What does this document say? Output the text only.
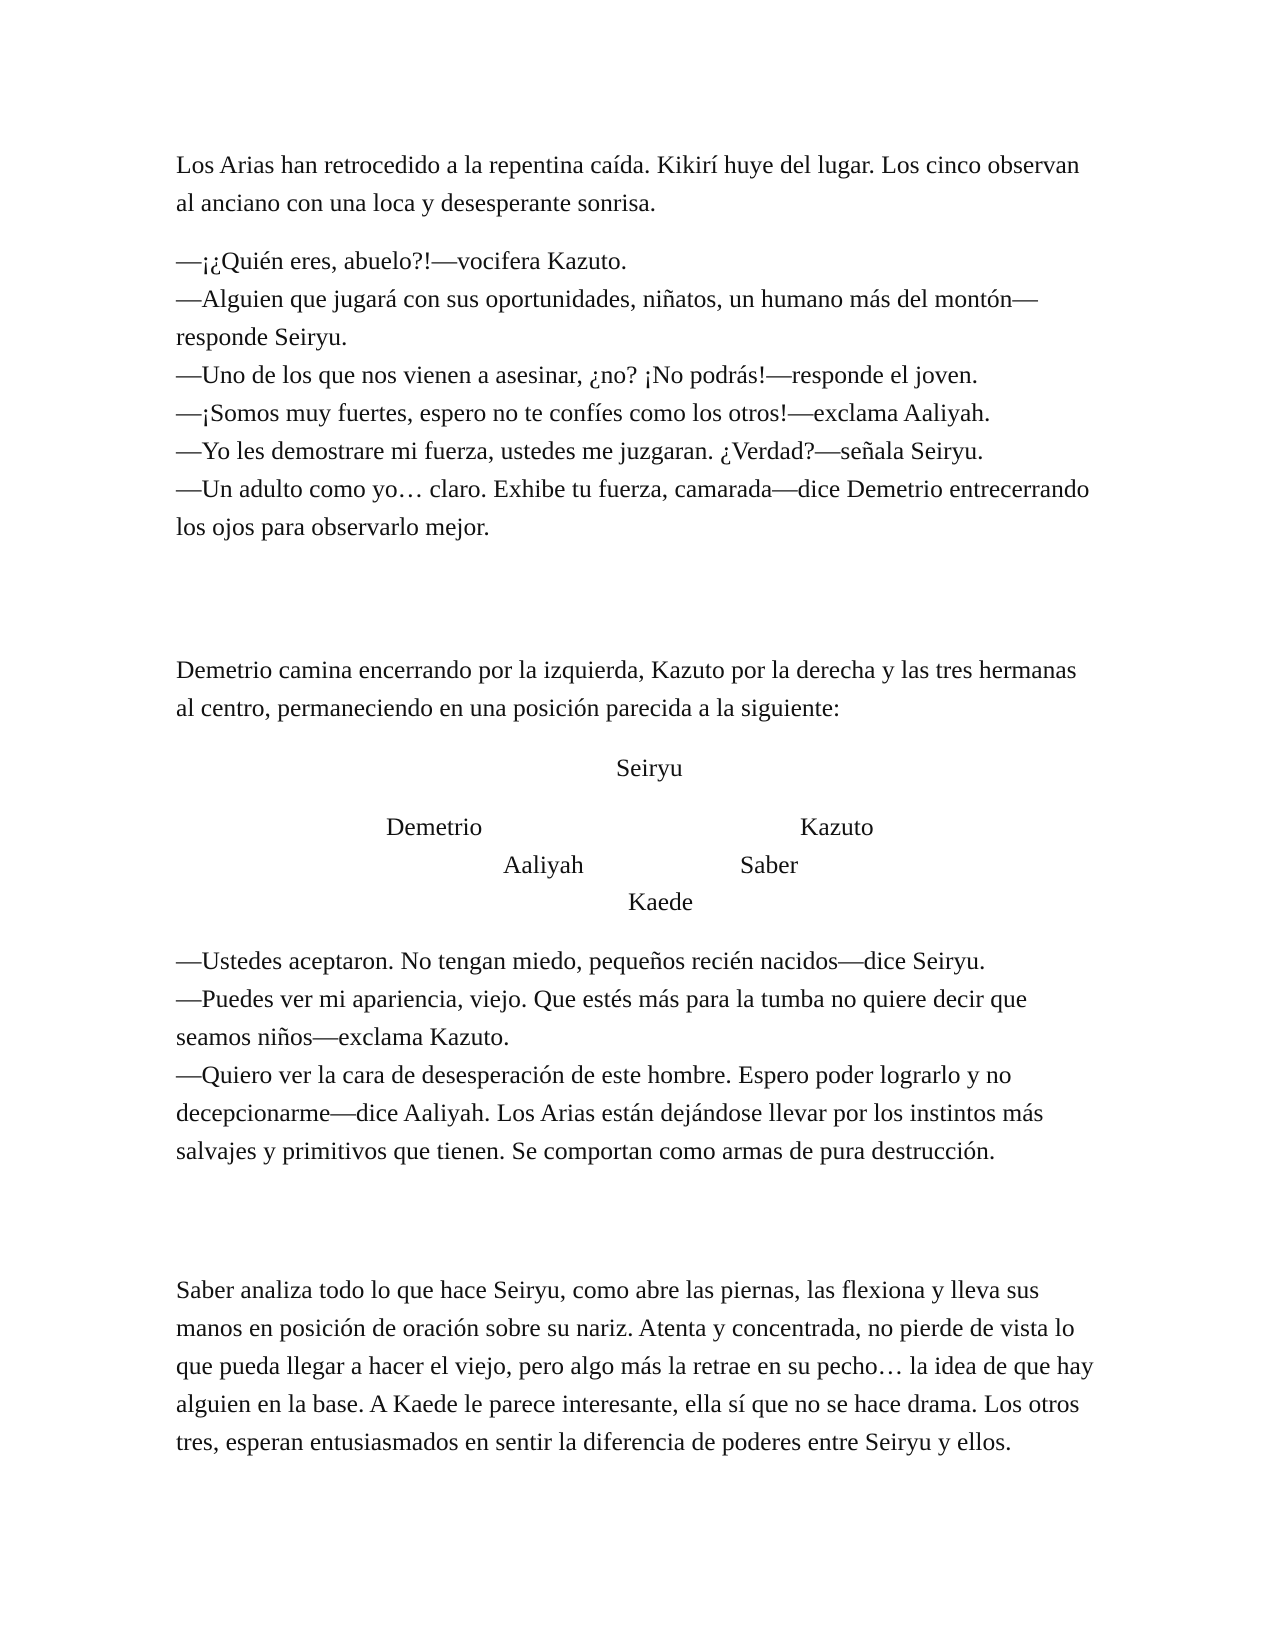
Los Arias han retrocedido a la repentina caída. Kikirí huye del lugar. Los cinco observan al anciano con una loca y desesperante sonrisa.

—¡¿Quién eres, abuelo?!—vocifera Kazuto.

—Alguien que jugará con sus oportunidades, niñatos, un humano más del montón—responde Seiryu.

—Uno de los que nos vienen a asesinar, ¿no? ¡No podrás!—responde el joven.

—¡Somos muy fuertes, espero no te confíes como los otros!—exclama Aaliyah.

—Yo les demostrare mi fuerza, ustedes me juzgaran. ¿Verdad?—señala Seiryu.

—Un adulto como yo… claro. Exhibe tu fuerza, camarada—dice Demetrio entrecerrando los ojos para observarlo mejor.

Demetrio camina encerrando por la izquierda, Kazuto por la derecha y las tres hermanas al centro, permaneciendo en una posición parecida a la siguiente:

Seiryu
Demetrio	Kazuto
Aaliyah	Saber
Kaede

—Ustedes aceptaron. No tengan miedo, pequeños recién nacidos—dice Seiryu.

—Puedes ver mi apariencia, viejo. Que estés más para la tumba no quiere decir que seamos niños—exclama Kazuto.

—Quiero ver la cara de desesperación de este hombre. Espero poder lograrlo y no decepcionarme—dice Aaliyah. Los Arias están dejándose llevar por los instintos más salvajes y primitivos que tienen. Se comportan como armas de pura destrucción.

Saber analiza todo lo que hace Seiryu, como abre las piernas, las flexiona y lleva sus manos en posición de oración sobre su nariz. Atenta y concentrada, no pierde de vista lo que pueda llegar a hacer el viejo, pero algo más la retrae en su pecho… la idea de que hay alguien en la base. A Kaede le parece interesante, ella sí que no se hace drama. Los otros tres, esperan entusiasmados en sentir la diferencia de poderes entre Seiryu y ellos.
